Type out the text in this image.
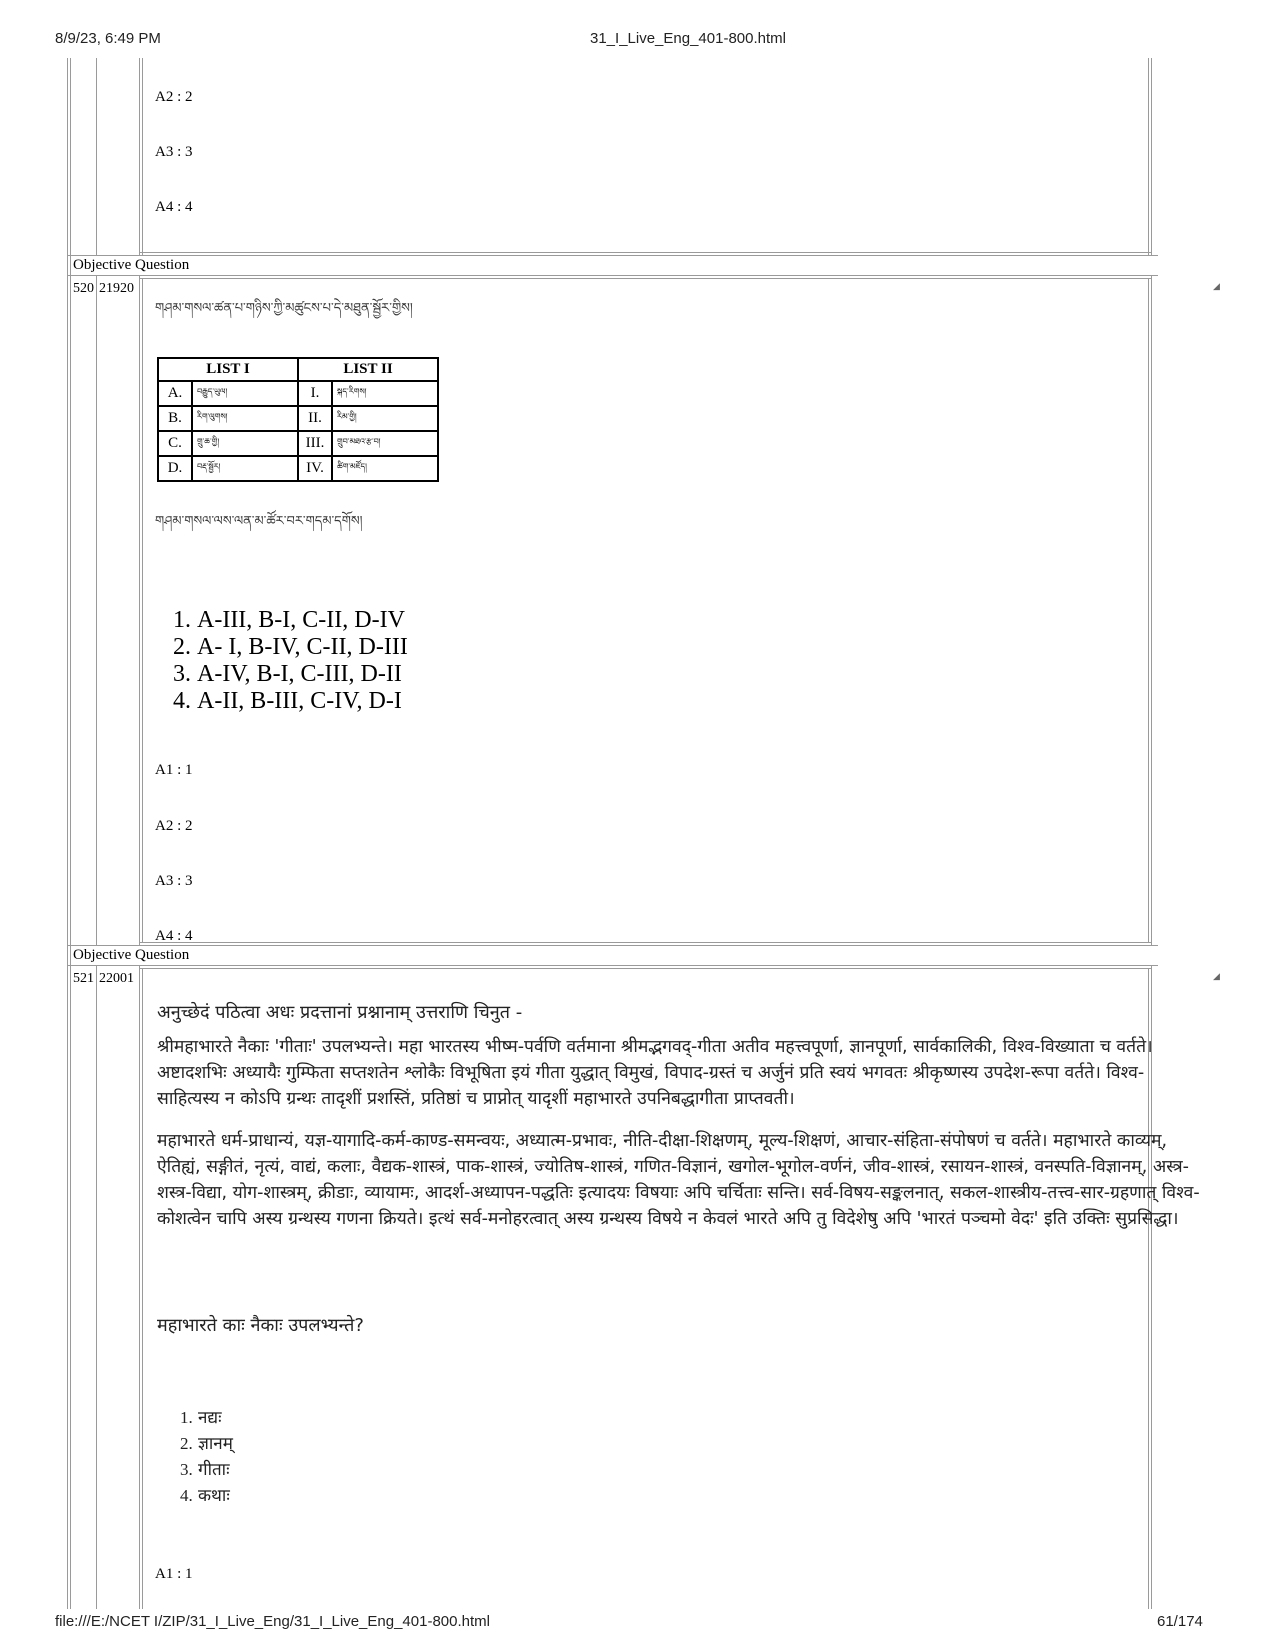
8/9/23, 6:49 PM	31_I_Live_Eng_401-800.html
A2 : 2
A3 : 3
A4 : 4
Objective Question
520 21920	◢
གཤམ་གསལ་ཚན་པ་གཉིས་ཀྱི་མཚུངས་པ་དེ་མཐུན་སྦྱོར་གྱིས།
LIST I		LIST II	
A.	བརྒྱུད་ཡུལ།	I.	སྐད་རིགས།
B.	རིག་ལུགས།	II.	རིམ་གྱི།
C.	གྲུ་ཆ་གྱི།	III.	གྲུབ་མཐའ་རྩ་བ།
D.	བརྡ་སྦྱོར།	IV.	ཚིག་མཛོད།
གཤམ་གསལ་ལས་ལན་མ་ཚོར་བར་གདམ་དགོས།
1. A-III, B-I, C-II, D-IV
2. A- I, B-IV, C-II, D-III
3. A-IV, B-I, C-III, D-II
4. A-II, B-III, C-IV, D-I
A1 : 1
A2 : 2
A3 : 3
A4 : 4
Objective Question
521 22001	◢
अनुच्छेदं पठित्वा अधः प्रदत्तानां प्रश्नानाम् उत्तराणि चिनुत -

श्रीमहाभारते नैकाः 'गीताः' उपलभ्यन्ते। महा भारतस्य भीष्म-पर्वणि वर्तमाना श्रीमद्भगवद्-गीता अतीव महत्त्वपूर्णा, ज्ञानपूर्णा, सार्वकालिकी, विश्व-विख्याता च वर्तते। अष्टादशभिः अध्यायैः गुम्फिता सप्तशतेन श्लोकैः विभूषिता इयं गीता युद्धात् विमुखं, विपाद-ग्रस्तं च अर्जुनं प्रति स्वयं भगवतः श्रीकृष्णस्य उपदेश-रूपा वर्तते। विश्व-साहित्यस्य न कोऽपि ग्रन्थः तादृशीं प्रशस्तिं, प्रतिष्ठां च प्राप्नोत् यादृशीं महाभारते उपनिबद्धागीता प्राप्तवती।

महाभारते धर्म-प्राधान्यं, यज्ञ-यागादि-कर्म-काण्ड-समन्वयः, अध्यात्म-प्रभावः, नीति-दीक्षा-शिक्षणम्, मूल्य-शिक्षणं, आचार-संहिता-संपोषणं च वर्तते। महाभारते काव्यम्, ऐतिह्यं, सङ्गीतं, नृत्यं, वाद्यं, कलाः, वैद्यक-शास्त्रं, पाक-शास्त्रं, ज्योतिष-शास्त्रं, गणित-विज्ञानं, खगोल-भूगोल-वर्णनं, जीव-शास्त्रं, रसायन-शास्त्रं, वनस्पति-विज्ञानम्, अस्त्र-शस्त्र-विद्या, योग-शास्त्रम्, क्रीडाः, व्यायामः, आदर्श-अध्यापन-पद्धतिः इत्यादयः विषयाः अपि चर्चिताः सन्ति। सर्व-विषय-सङ्कलनात्, सकल-शास्त्रीय-तत्त्व-सार-ग्रहणात् विश्व-कोशत्वेन चापि अस्य ग्रन्थस्य गणना क्रियते। इत्थं सर्व-मनोहरत्वात् अस्य ग्रन्थस्य विषये न केवलं भारते अपि तु विदेशेषु अपि 'भारतं पञ्चमो वेदः' इति उक्तिः सुप्रसिद्धा।

महाभारते काः नैकाः उपलभ्यन्ते?
1. नद्यः
2. ज्ञानम्
3. गीताः
4. कथाः
A1 : 1
file:///E:/NCET I/ZIP/31_I_Live_Eng/31_I_Live_Eng_401-800.html	61/174
